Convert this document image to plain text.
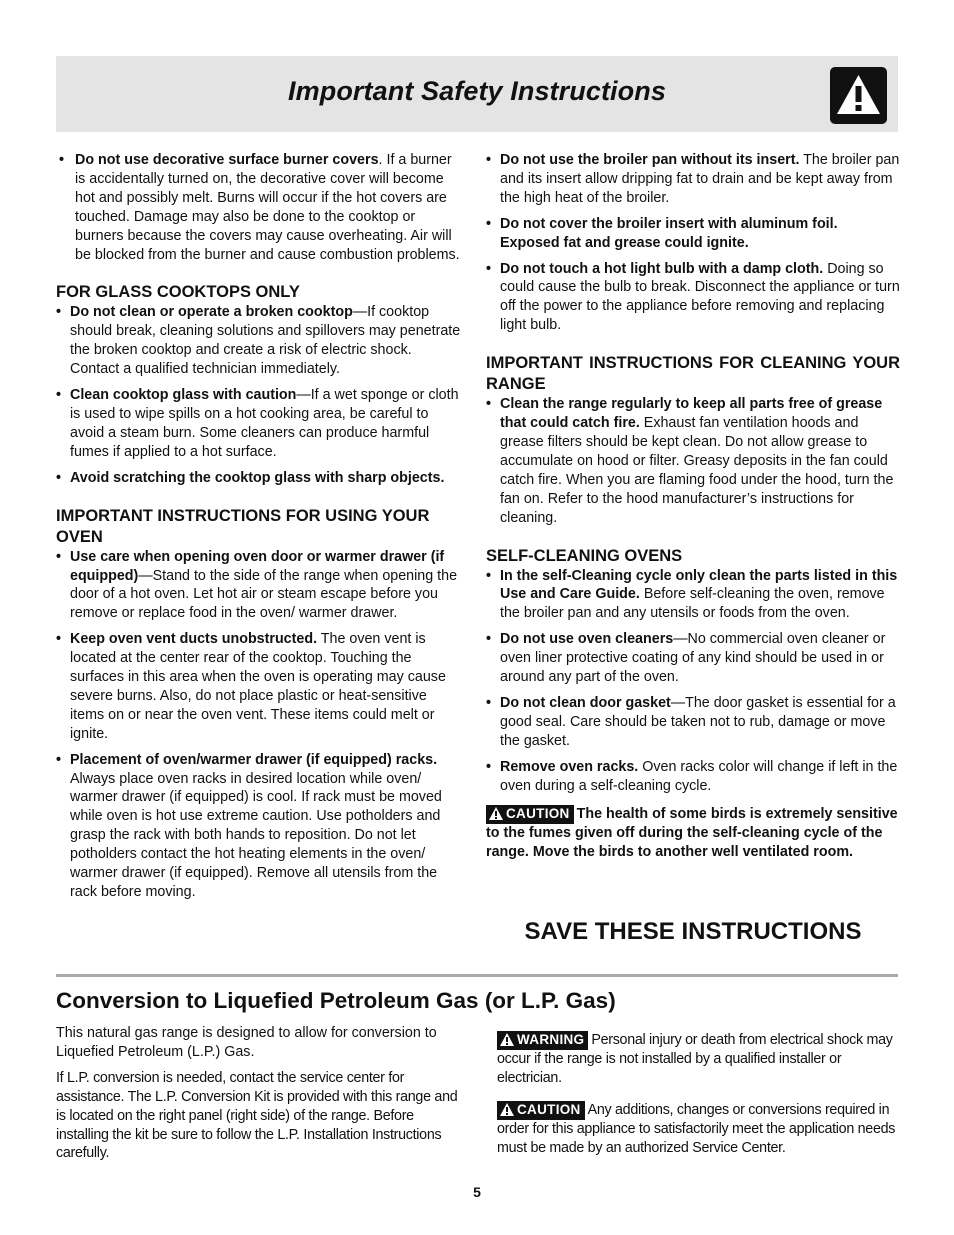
Important Safety Instructions
• Do not use decorative surface burner covers. If a burner is accidentally turned on, the decorative cover will become hot and possibly melt. Burns will occur if the hot covers are touched. Damage may also be done to the cooktop or burners because the covers may cause overheating. Air will be blocked from the burner and cause combustion problems.
FOR GLASS COOKTOPS ONLY
• Do not clean or operate a broken cooktop—If cooktop should break, cleaning solutions and spillovers may penetrate the broken cooktop and create a risk of electric shock. Contact a qualified technician immediately.
• Clean cooktop glass with caution—If a wet sponge or cloth is used to wipe spills on a hot cooking area, be careful to avoid a steam burn. Some cleaners can produce harmful fumes if applied to a hot surface.
• Avoid scratching the cooktop glass with sharp objects.
IMPORTANT INSTRUCTIONS FOR USING YOUR OVEN
• Use care when opening oven door or warmer drawer (if equipped)—Stand to the side of the range when opening the door of a hot oven. Let hot air or steam escape before you remove or replace food in the oven/ warmer drawer.
• Keep oven vent ducts unobstructed. The oven vent is located at the center rear of the cooktop. Touching the surfaces in this area when the oven is operating may cause severe burns. Also, do not place plastic or heat-sensitive items on or near the oven vent. These items could melt or ignite.
• Placement of oven/warmer drawer (if equipped) racks. Always place oven racks in desired location while oven/ warmer drawer (if equipped) is cool. If rack must be moved while oven is hot use extreme caution. Use potholders and grasp the rack with both hands to reposition. Do not let potholders contact the hot heating elements in the oven/ warmer drawer (if equipped). Remove all utensils from the rack before moving.
• Do not use the broiler pan without its insert. The broiler pan and its insert allow dripping fat to drain and be kept away from the high heat of the broiler.
• Do not cover the broiler insert with aluminum foil. Exposed fat and grease could ignite.
• Do not touch a hot light bulb with a damp cloth. Doing so could cause the bulb to break. Disconnect the appliance or turn off the power to the appliance before removing and replacing light bulb.
IMPORTANT INSTRUCTIONS FOR CLEANING YOUR RANGE
• Clean the range regularly to keep all parts free of grease that could catch fire. Exhaust fan ventilation hoods and grease filters should be kept clean. Do not allow grease to accumulate on hood or filter. Greasy deposits in the fan could catch fire. When you are flaming food under the hood, turn the fan on. Refer to the hood manufacturer’s instructions for cleaning.
SELF-CLEANING OVENS
• In the self-Cleaning cycle only clean the parts listed in this Use and Care Guide. Before self-cleaning the oven, remove the broiler pan and any utensils or foods from the oven.
• Do not use oven cleaners—No commercial oven cleaner or oven liner protective coating of any kind should be used in or around any part of the oven.
• Do not clean door gasket—The door gasket is essential for a good seal. Care should be taken not to rub, damage or move the gasket.
• Remove oven racks. Oven racks color will change if left in the oven during a self-cleaning cycle.
CAUTION The health of some birds is extremely sensitive to the fumes given off during the self-cleaning cycle of the range. Move the birds to another well ventilated room.
SAVE THESE INSTRUCTIONS
Conversion to Liquefied Petroleum Gas (or L.P. Gas)

This natural gas range is designed to allow for conversion to Liquefied Petroleum (L.P.) Gas.

If L.P. conversion is needed, contact the service center for assistance. The L.P. Conversion Kit is provided with this range and is located on the right panel (right side) of the range. Before installing the kit be sure to follow the L.P. Installation Instructions carefully.

WARNING Personal injury or death from electrical shock may occur if the range is not installed by a qualified installer or electrician.

CAUTION Any additions, changes or conversions required in order for this appliance to satisfactorily meet the application needs must be made by an authorized Service Center.

5
